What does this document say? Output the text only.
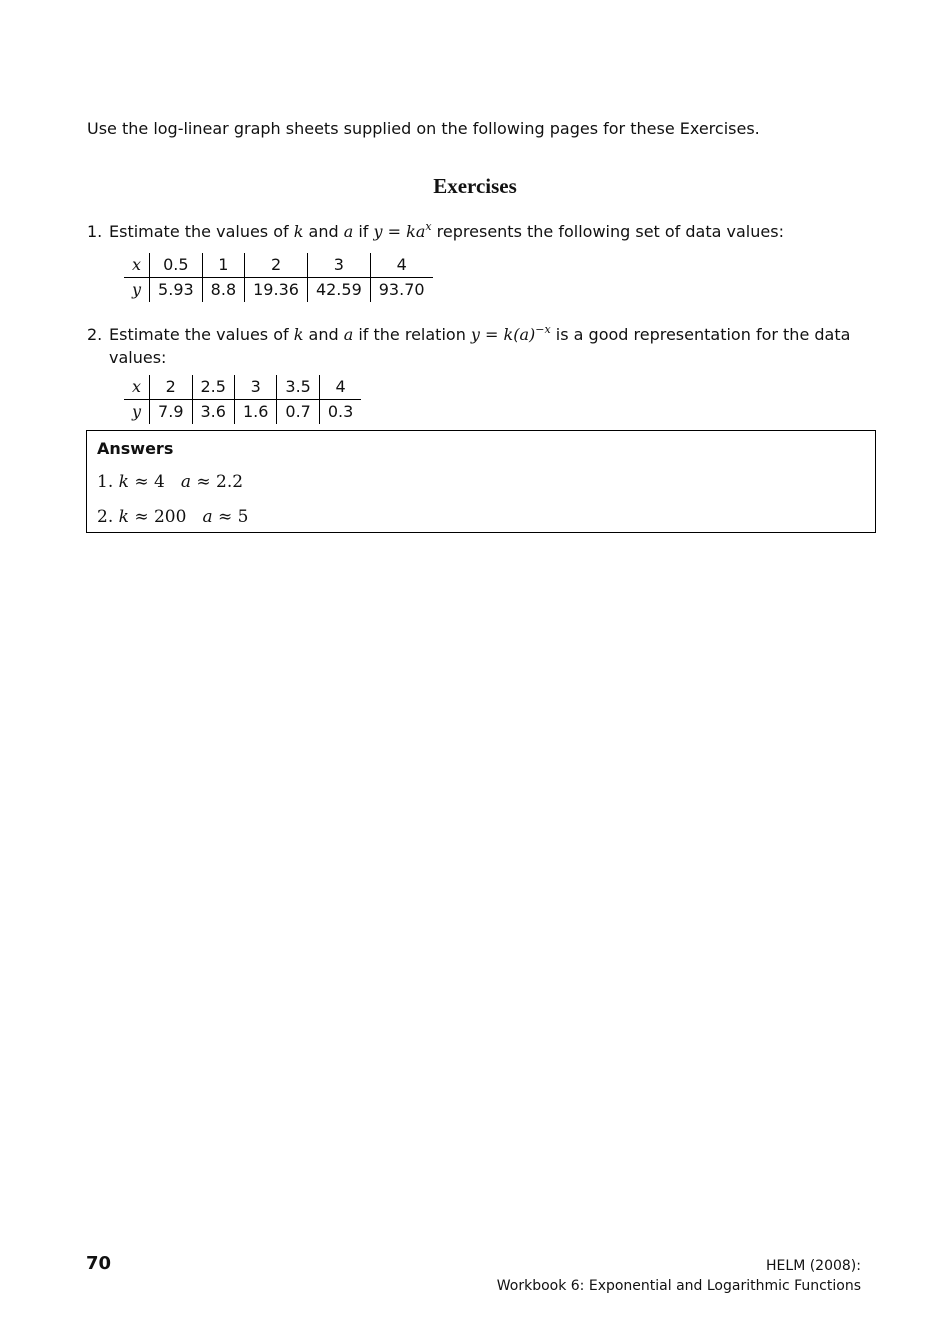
Use the log-linear graph sheets supplied on the following pages for these Exercises.
Exercises
1. Estimate the values of k and a if $y = ka^x$ represents the following set of data values:
x	0.5	1	2	3	4
y	5.93	8.8	19.36	42.59	93.70
2. Estimate the values of k and a if the relation $y = k(a)^{-x}$ is a good representation for the data values:
x	2	2.5	3	3.5	4
y	7.9	3.6	1.6	0.7	0.3
Answers
1. k ≈ 4 a ≈ 2.2
2. k ≈ 200 a ≈ 5
70	HELM (2008):
Workbook 6: Exponential and Logarithmic Functions
